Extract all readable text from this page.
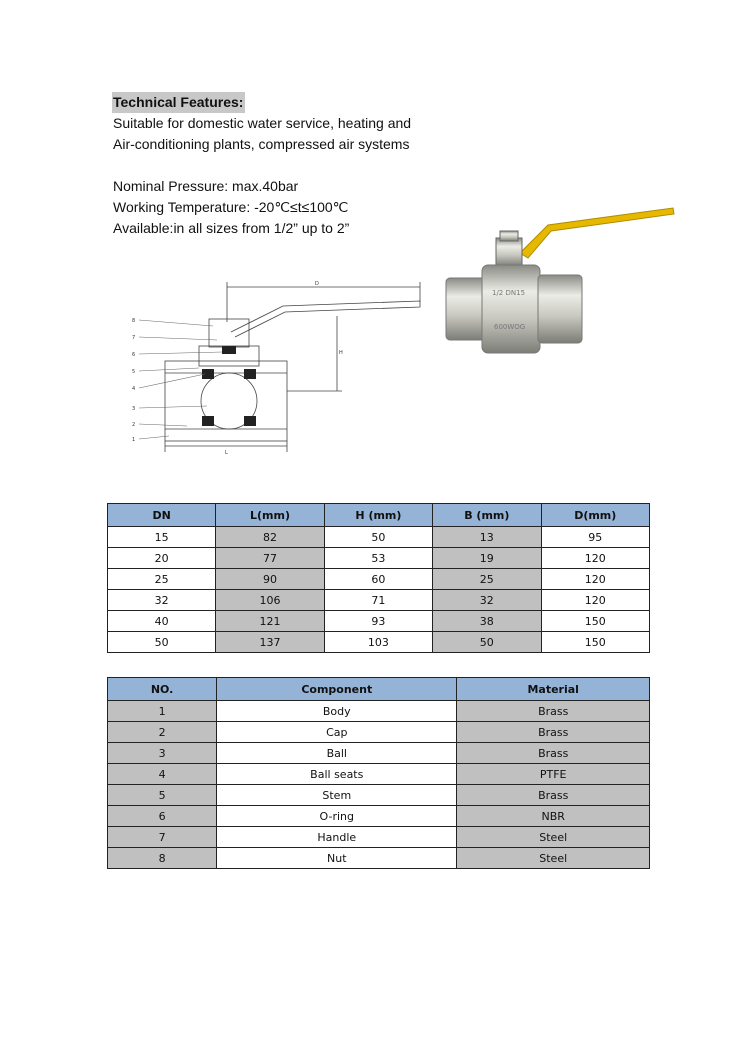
Technical Features:

Suitable for domestic water service, heating and

Air-conditioning plants, compressed air systems

Nominal Pressure: max.40bar

Working Temperature: -20℃≤t≤100℃

Available:in all sizes from 1/2” up to 2”

8
7
6
5
4
3
2
1
D
H
L
1/2 DN15
600WOG
DN	L(mm)	H (mm)	B (mm)	D(mm)
15	82	50	13	95
20	77	53	19	120
25	90	60	25	120
32	106	71	32	120
40	121	93	38	150
50	137	103	50	150
NO.	Component	Material
1	Body	Brass
2	Cap	Brass
3	Ball	Brass
4	Ball seats	PTFE
5	Stem	Brass
6	O-ring	NBR
7	Handle	Steel
8	Nut	Steel
